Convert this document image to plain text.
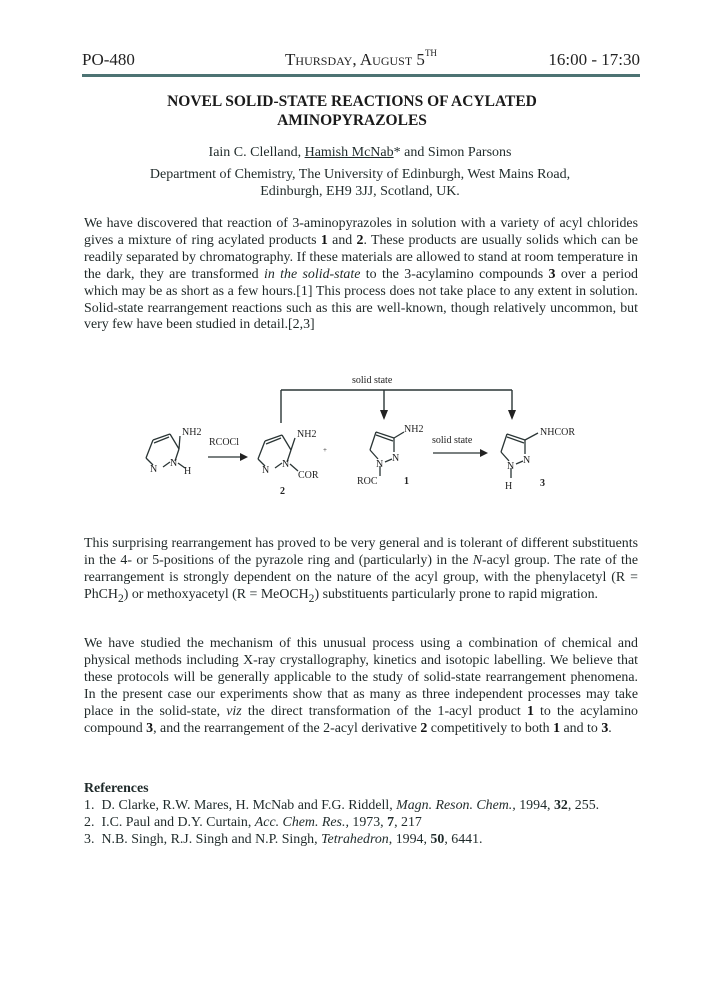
PO-480	Thursday, August 5TH	16:00 - 17:30
NOVEL SOLID-STATE REACTIONS OF ACYLATED
AMINOPYRAZOLES
Iain C. Clelland, Hamish McNab* and Simon Parsons
Department of Chemistry, The University of Edinburgh, West Mains Road,
Edinburgh, EH9 3JJ, Scotland, UK.
We have discovered that reaction of 3-aminopyrazoles in solution with a variety of acyl chlorides gives a mixture of ring acylated products 1 and 2. These products are usually solids which can be readily separated by chromatography. If these materials are allowed to stand at room temperature in the dark, they are transformed in the solid-state to the 3-acylamino compounds 3 over a period which may be as short as a few hours.[1] This process does not take place to any extent in solution. Solid-state rearrangement reactions such as this are well-known, though relatively uncommon, but very few have been studied in detail.[2,3]
solid state
NH2
N
N
H
RCOCl
NH2
N
N
COR
2
+
NH2
N
N
ROC	1
solid state
NHCOR
N
N
H	3
This surprising rearrangement has proved to be very general and is tolerant of different substituents in the 4- or 5-positions of the pyrazole ring and (particularly) in the N-acyl group. The rate of the rearrangement is strongly dependent on the nature of the acyl group, with the phenylacetyl (R = PhCH$_2$) or methoxyacetyl (R = MeOCH$_2$) substituents particularly prone to rapid migration.
We have studied the mechanism of this unusual process using a combination of chemical and physical methods including X-ray crystallography, kinetics and isotopic labelling. We believe that these protocols will be generally applicable to the study of solid-state rearrangement phenomena. In the present case our experiments show that as many as three independent processes may take place in the solid-state, viz the direct transformation of the 1-acyl product 1 to the acylamino compound 3, and the rearrangement of the 2-acyl derivative 2 competitively to both 1 and to 3.
References
1. D. Clarke, R.W. Mares, H. McNab and F.G. Riddell, Magn. Reson. Chem., 1994, 32, 255.
2. I.C. Paul and D.Y. Curtain, Acc. Chem. Res., 1973, 7, 217
3. N.B. Singh, R.J. Singh and N.P. Singh, Tetrahedron, 1994, 50, 6441.
